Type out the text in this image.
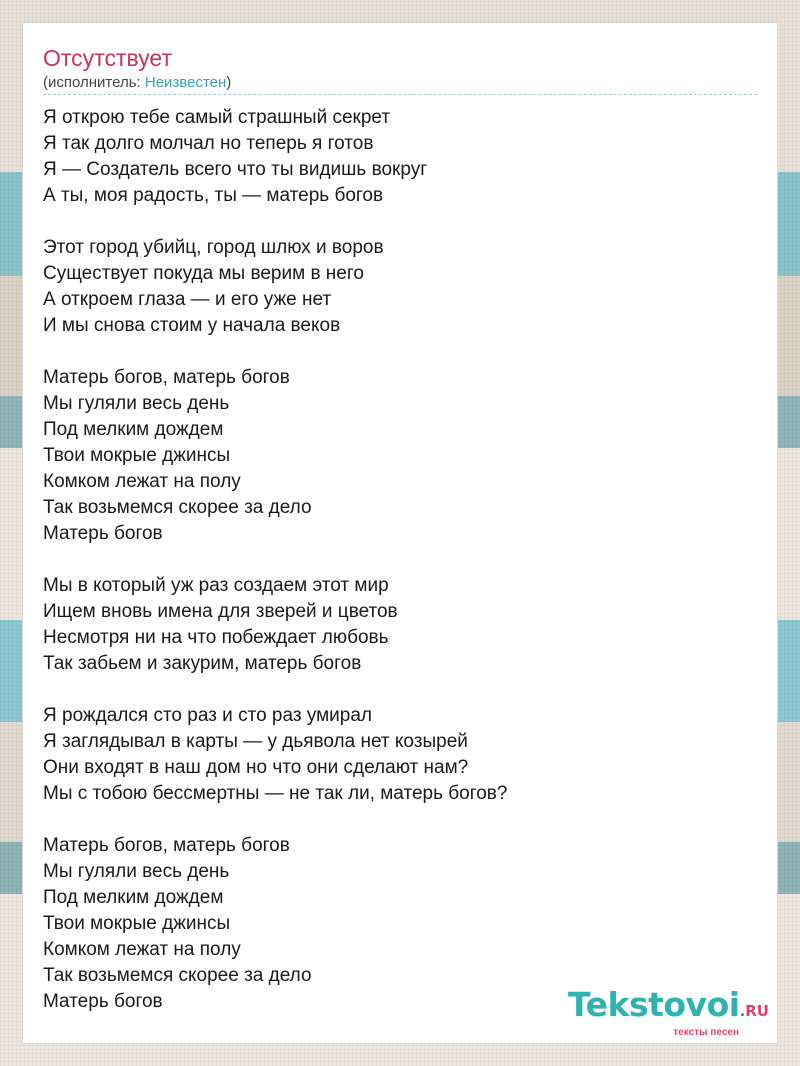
Отсутствует
(исполнитель: Неизвестен)
Я открою тебе самый страшный секрет
Я так долго молчал но теперь я готов
Я — Создатель всего что ты видишь вокруг
А ты, моя радость, ты — матерь богов
Этот город убийц, город шлюх и воров
Существует покуда мы верим в него
А откроем глаза — и его уже нет
И мы снова стоим у начала веков
Матерь богов, матерь богов
Мы гуляли весь день
Под мелким дождем
Твои мокрые джинсы
Комком лежат на полу
Так возьмемся скорее за дело
Матерь богов
Мы в который уж раз создаем этот мир
Ищем вновь имена для зверей и цветов
Несмотря ни на что побеждает любовь
Так забьем и закурим, матерь богов
Я рождался сто раз и сто раз умирал
Я заглядывал в карты — у дьявола нет козырей
Они входят в наш дом но что они сделают нам?
Мы с тобою бессмертны — не так ли, матерь богов?
Матерь богов, матерь богов
Мы гуляли весь день
Под мелким дождем
Твои мокрые джинсы
Комком лежат на полу
Так возьмемся скорее за дело
Матерь богов	Tekstovoi.RU
тексты песен
